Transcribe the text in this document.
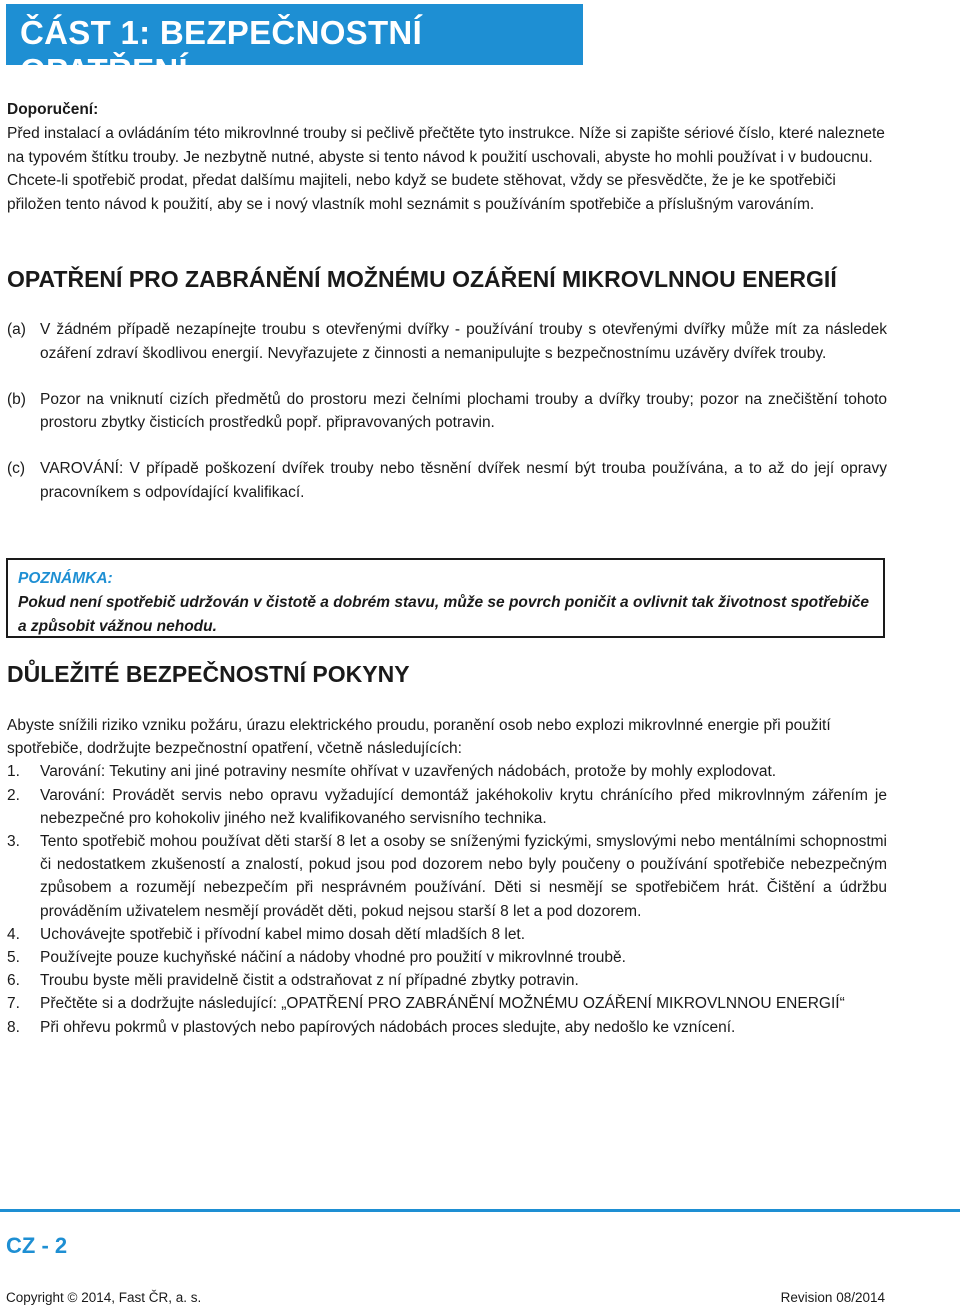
ČÁST 1: BEZPEČNOSTNÍ OPATŘENÍ
Doporučení:
Před instalací a ovládáním této mikrovlnné trouby si pečlivě přečtěte tyto instrukce. Níže si zapište sériové číslo, které naleznete na typovém štítku trouby. Je nezbytně nutné, abyste si tento návod k použití uschovali, abyste ho mohli používat i v budoucnu. Chcete-li spotřebič prodat, předat dalšímu majiteli, nebo když se budete stěhovat, vždy se přesvědčte, že je ke spotřebiči přiložen tento návod k použití, aby se i nový vlastník mohl seznámit s používáním spotřebiče a příslušným varováním.
OPATŘENÍ PRO ZABRÁNĚNÍ MOŽNÉMU OZÁŘENÍ MIKROVLNNOU ENERGIÍ
(a) V žádném případě nezapínejte troubu s otevřenými dvířky - používání trouby s otevřenými dvířky může mít za následek ozáření zdraví škodlivou energií. Nevyřazujete z činnosti a nemanipulujte s bezpečnostnímu uzávěry dvířek trouby.
(b) Pozor na vniknutí cizích předmětů do prostoru mezi čelními plochami trouby a dvířky trouby; pozor na znečištění tohoto prostoru zbytky čisticích prostředků popř. připravovaných potravin.
(c) VAROVÁNÍ: V případě poškození dvířek trouby nebo těsnění dvířek nesmí být trouba používána, a to až do její opravy pracovníkem s odpovídající kvalifikací.
POZNÁMKA:
Pokud není spotřebič udržován v čistotě a dobrém stavu, může se povrch poničit a ovlivnit tak životnost spotřebiče a způsobit vážnou nehodu.
DŮLEŽITÉ BEZPEČNOSTNÍ POKYNY
Abyste snížili riziko vzniku požáru, úrazu elektrického proudu, poranění osob nebo explozi mikrovlnné energie při použití spotřebiče, dodržujte bezpečnostní opatření, včetně následujících:
1. Varování: Tekutiny ani jiné potraviny nesmíte ohřívat v uzavřených nádobách, protože by mohly explodovat.
2. Varování: Provádět servis nebo opravu vyžadující demontáž jakéhokoliv krytu chránícího před mikrovlnným zářením je nebezpečné pro kohokoliv jiného než kvalifikovaného servisního technika.
3. Tento spotřebič mohou používat děti starší 8 let a osoby se sníženými fyzickými, smyslovými nebo mentálními schopnostmi či nedostatkem zkušeností a znalostí, pokud jsou pod dozorem nebo byly poučeny o používání spotřebiče nebezpečným způsobem a rozumějí nebezpečím při nesprávném používání. Děti si nesmějí se spotřebičem hrát. Čištění a údržbu prováděním uživatelem nesmějí provádět děti, pokud nejsou starší 8 let a pod dozorem.
4. Uchovávejte spotřebič i přívodní kabel mimo dosah dětí mladších 8 let.
5. Používejte pouze kuchyňské náčiní a nádoby vhodné pro použití v mikrovlnné troubě.
6. Troubu byste měli pravidelně čistit a odstraňovat z ní případné zbytky potravin.
7. Přečtěte si a dodržujte následující: „OPATŘENÍ PRO ZABRÁNĚNÍ MOŽNÉMU OZÁŘENÍ MIKROVLNNOU ENERGIÍ“
8. Při ohřevu pokrmů v plastových nebo papírových nádobách proces sledujte, aby nedošlo ke vznícení.
CZ - 2
Copyright © 2014, Fast ČR, a. s.	Revision 08/2014
